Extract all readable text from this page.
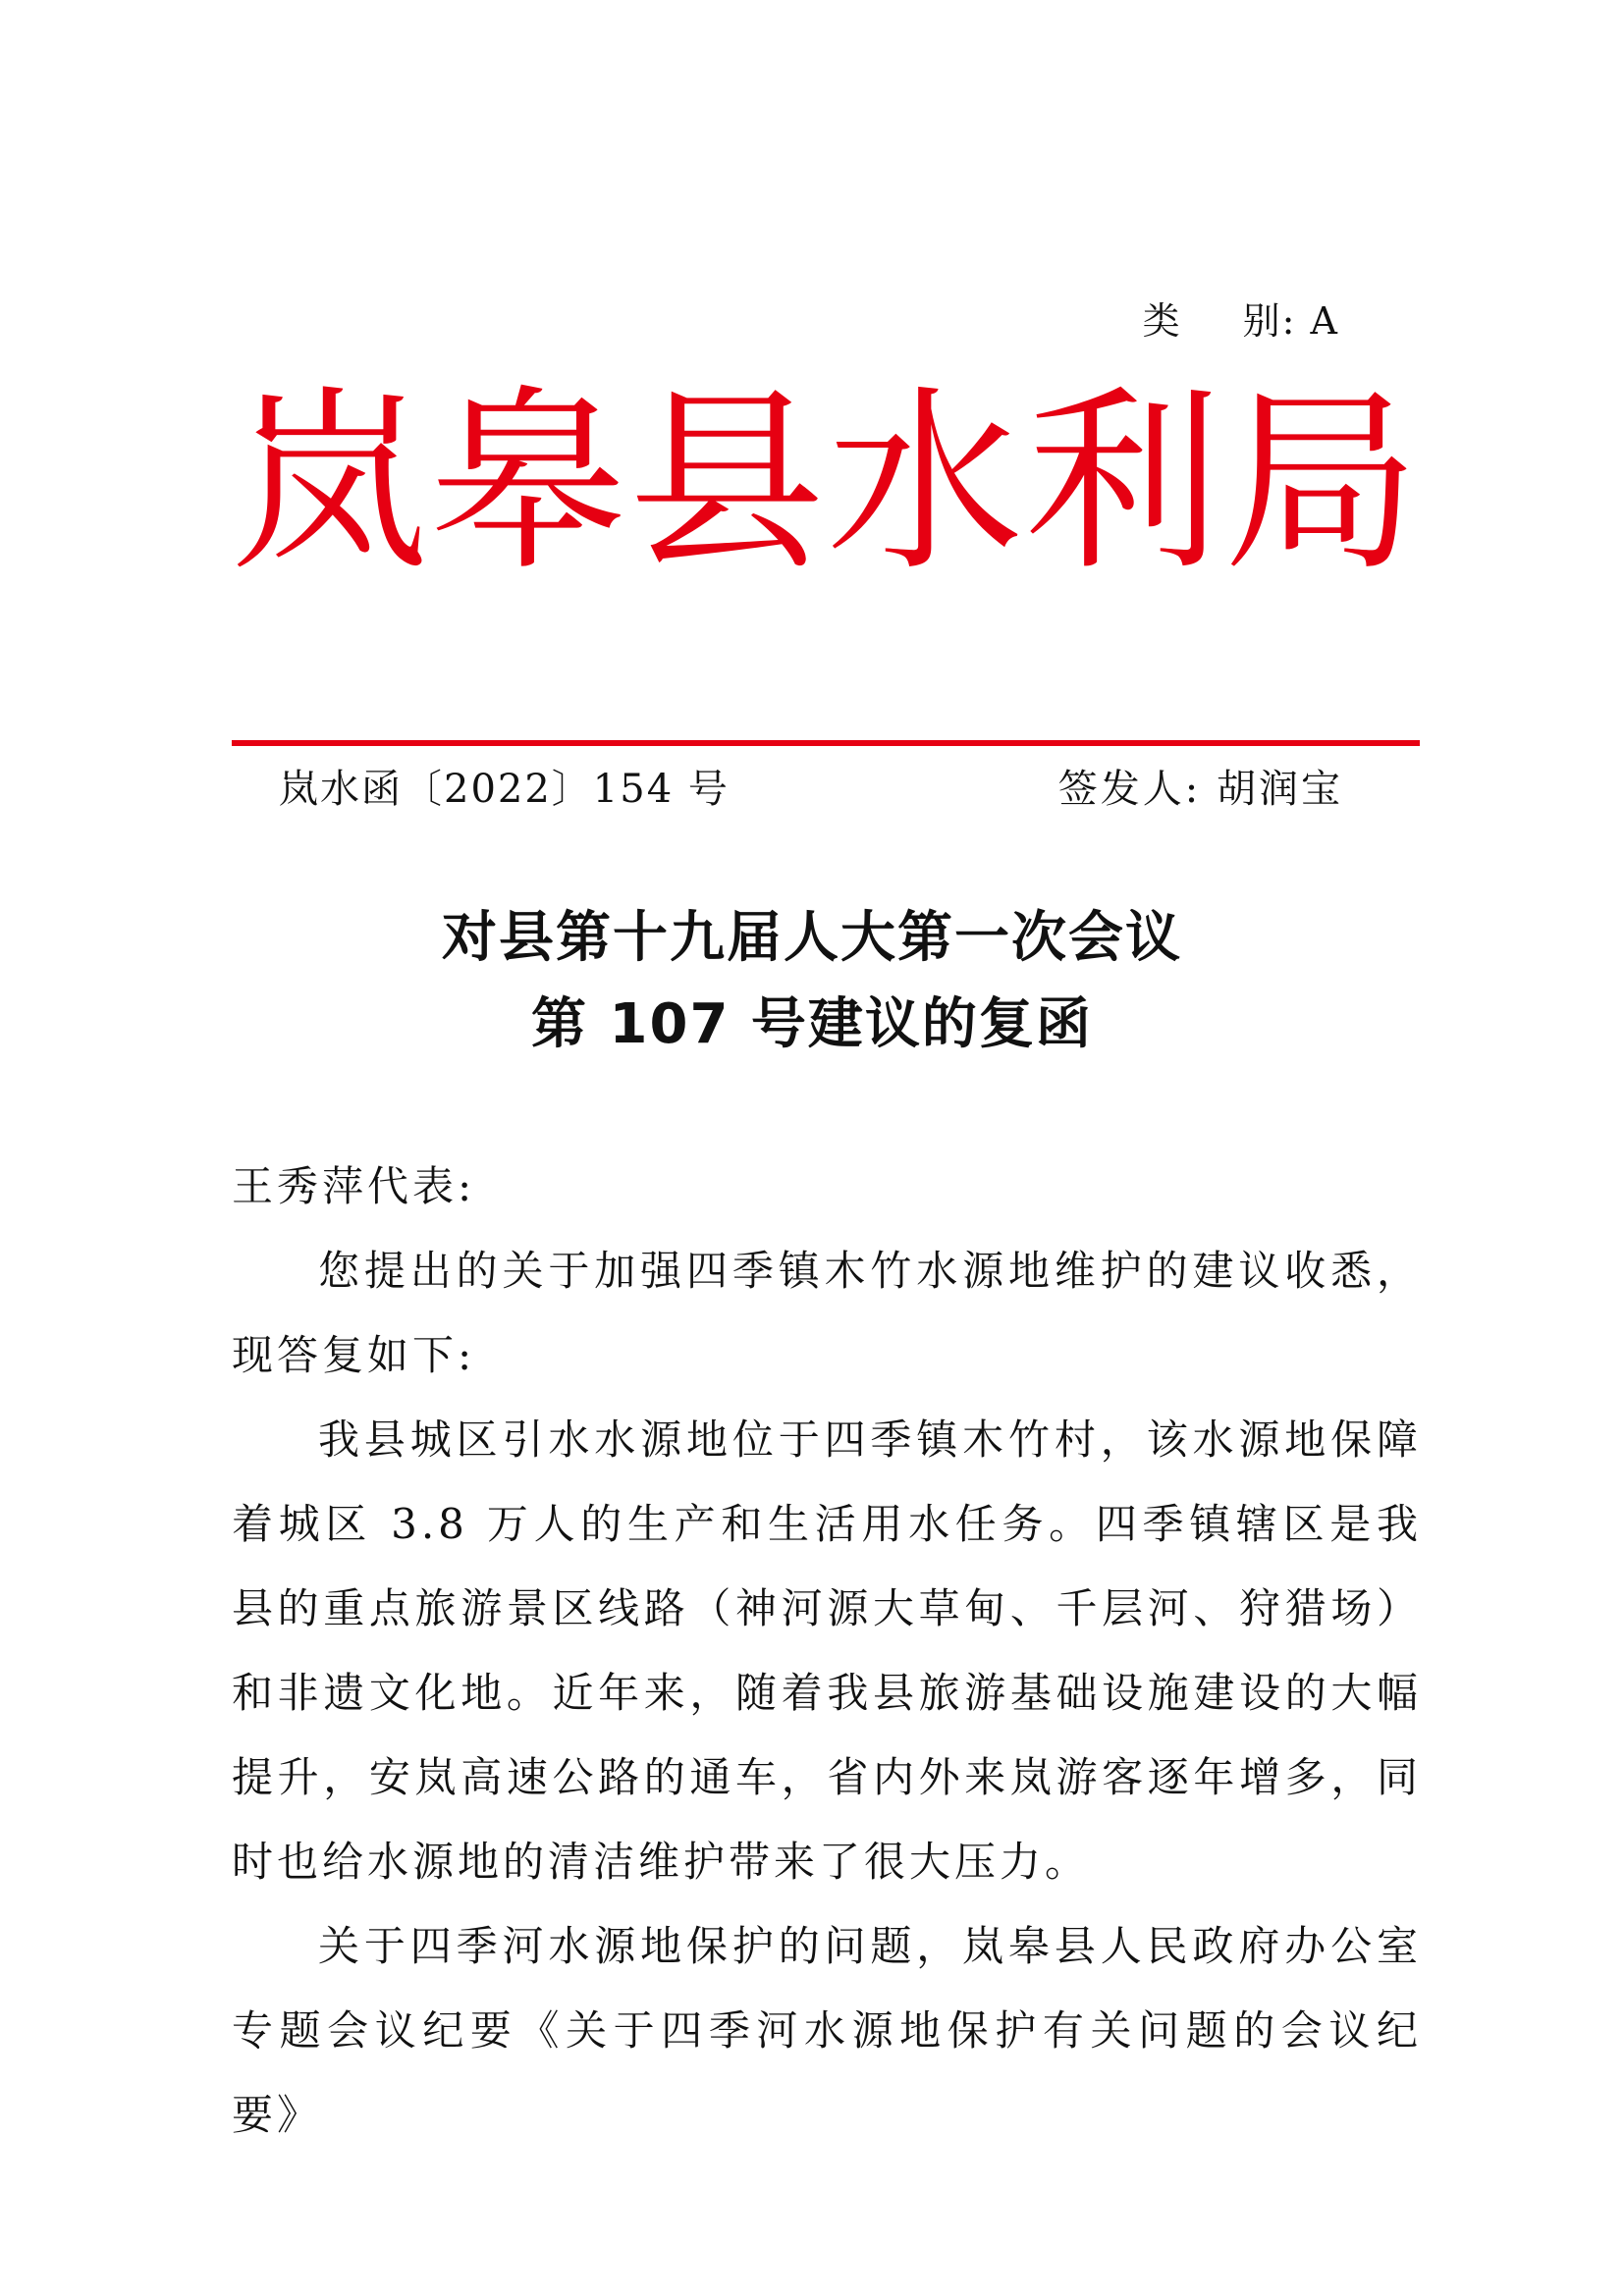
类 别: A
岚 皋 县 水 利 局
岚水函〔2022〕154 号	签发人: 胡润宝
对县第十九届人大第一次会议
第 107 号建议的复函

王秀萍代表:

您提出的关于加强四季镇木竹水源地维护的建议收悉，现答复如下:

我县城区引水水源地位于四季镇木竹村，该水源地保障着城区 3.8 万人的生产和生活用水任务。四季镇辖区是我县的重点旅游景区线路（神河源大草甸、千层河、狩猎场）和非遗文化地。近年来，随着我县旅游基础设施建设的大幅提升，安岚高速公路的通车，省内外来岚游客逐年增多，同时也给水源地的清洁维护带来了很大压力。

关于四季河水源地保护的问题，岚皋县人民政府办公室专题会议纪要《关于四季河水源地保护有关问题的会议纪要》
